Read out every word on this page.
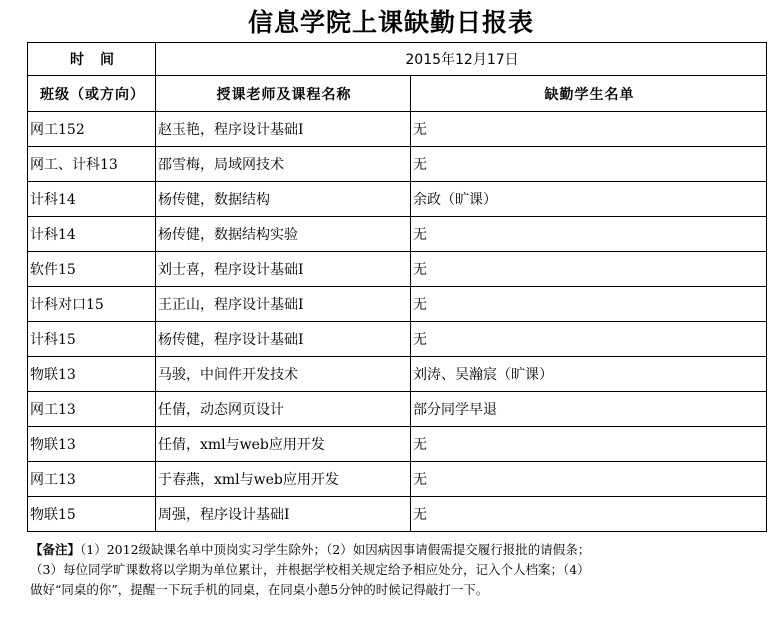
信息学院上课缺勤日报表
时　间	2015年12月17日	
班级（或方向）	授课老师及课程名称	缺勤学生名单
网工152	赵玉艳，程序设计基础I	无
网工、计科13	邵雪梅，局域网技术	无
计科14	杨传健，数据结构	余政（旷课）
计科14	杨传健，数据结构实验	无
软件15	刘士喜，程序设计基础I	无
计科对口15	王正山，程序设计基础I	无
计科15	杨传健，程序设计基础I	无
物联13	马骏，中间件开发技术	刘涛、吴瀚宸（旷课）
网工13	任倩，动态网页设计	部分同学早退
物联13	任倩，xml与web应用开发	无
网工13	于春燕，xml与web应用开发	无
物联15	周强，程序设计基础I	无
【备注】（1）2012级缺课名单中顶岗实习学生除外；（2）如因病因事请假需提交履行报批的请假条；
（3）每位同学旷课数将以学期为单位累计，并根据学校相关规定给予相应处分，记入个人档案；（4）
做好“同桌的你”，提醒一下玩手机的同桌，在同桌小憩5分钟的时候记得敲打一下。
